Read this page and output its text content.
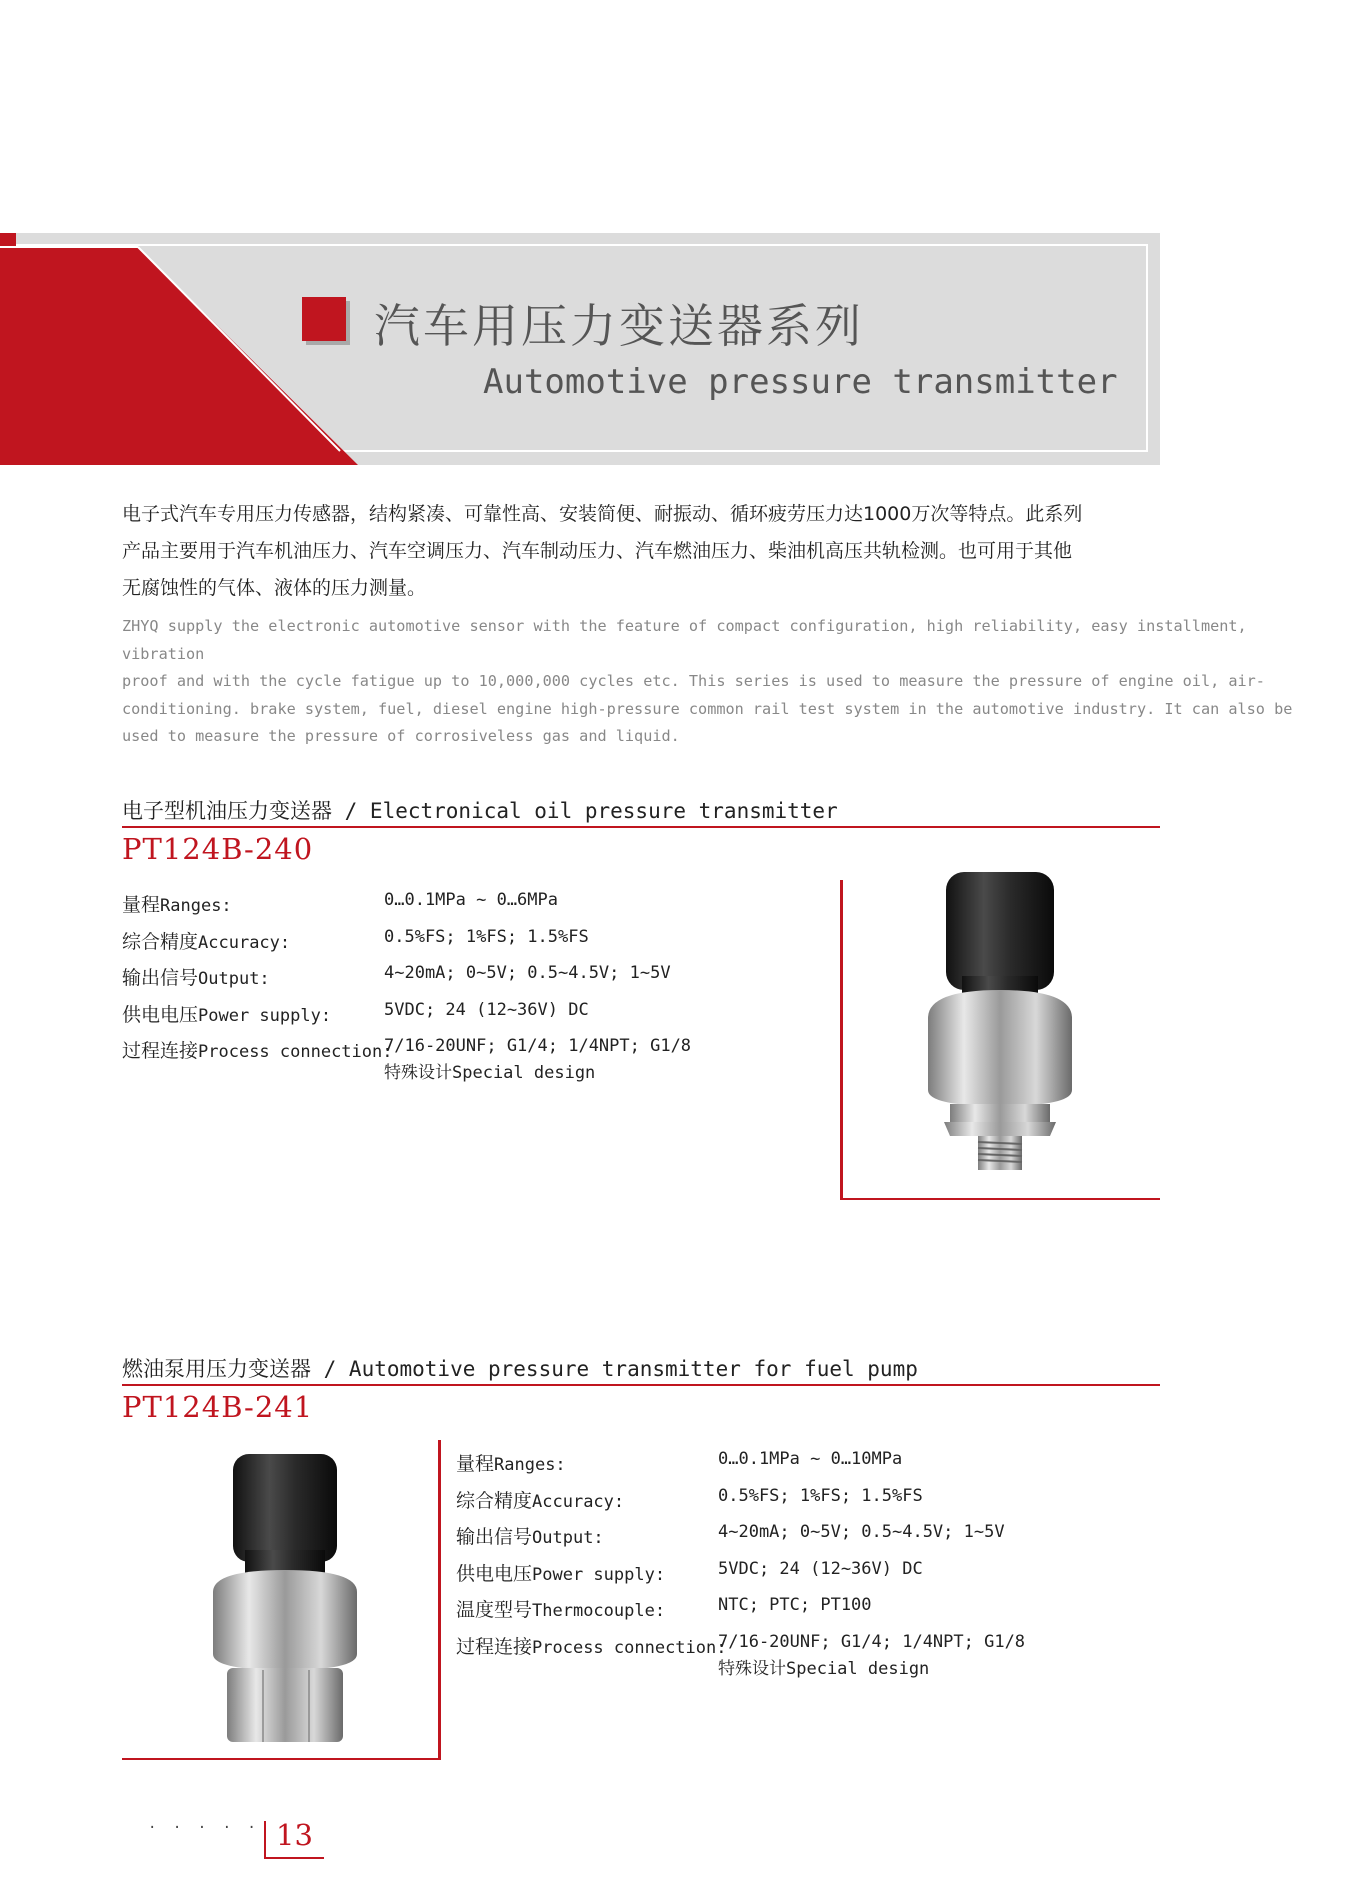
汽车用压力变送器系列
Automotive pressure transmitter
电子式汽车专用压力传感器，结构紧凑、可靠性高、安装简便、耐振动、循环疲劳压力达1000万次等特点。此系列
产品主要用于汽车机油压力、汽车空调压力、汽车制动压力、汽车燃油压力、柴油机高压共轨检测。也可用于其他
无腐蚀性的气体、液体的压力测量。
ZHYQ supply the electronic automotive sensor with the feature of compact configuration, high reliability, easy installment, vibration
proof and with the cycle fatigue up to 10,000,000 cycles etc. This series is used to measure the pressure of engine oil, air-
conditioning. brake system, fuel, diesel engine high-pressure common rail test system in the automotive industry. It can also be
used to measure the pressure of corrosiveless gas and liquid.
电子型机油压力变送器 / Electronical oil pressure transmitter
PT124B-240
量程Ranges:	0…0.1MPa ~ 0…6MPa
综合精度Accuracy:	0.5%FS; 1%FS; 1.5%FS
输出信号Output:	4~20mA; 0~5V; 0.5~4.5V; 1~5V
供电电压Power supply:	5VDC; 24 (12~36V) DC
过程连接Process connection:
7/16-20UNF; G1/4; 1/4NPT; G1/8
特殊设计Special design
燃油泵用压力变送器 / Automotive pressure transmitter for fuel pump
PT124B-241
量程Ranges:	0…0.1MPa ~ 0…10MPa
综合精度Accuracy:	0.5%FS; 1%FS; 1.5%FS
输出信号Output:	4~20mA; 0~5V; 0.5~4.5V; 1~5V
供电电压Power supply:	5VDC; 24 (12~36V) DC
温度型号Thermocouple:	NTC; PTC; PT100
过程连接Process connection:
7/16-20UNF; G1/4; 1/4NPT; G1/8
特殊设计Special design
· · · · · 13
